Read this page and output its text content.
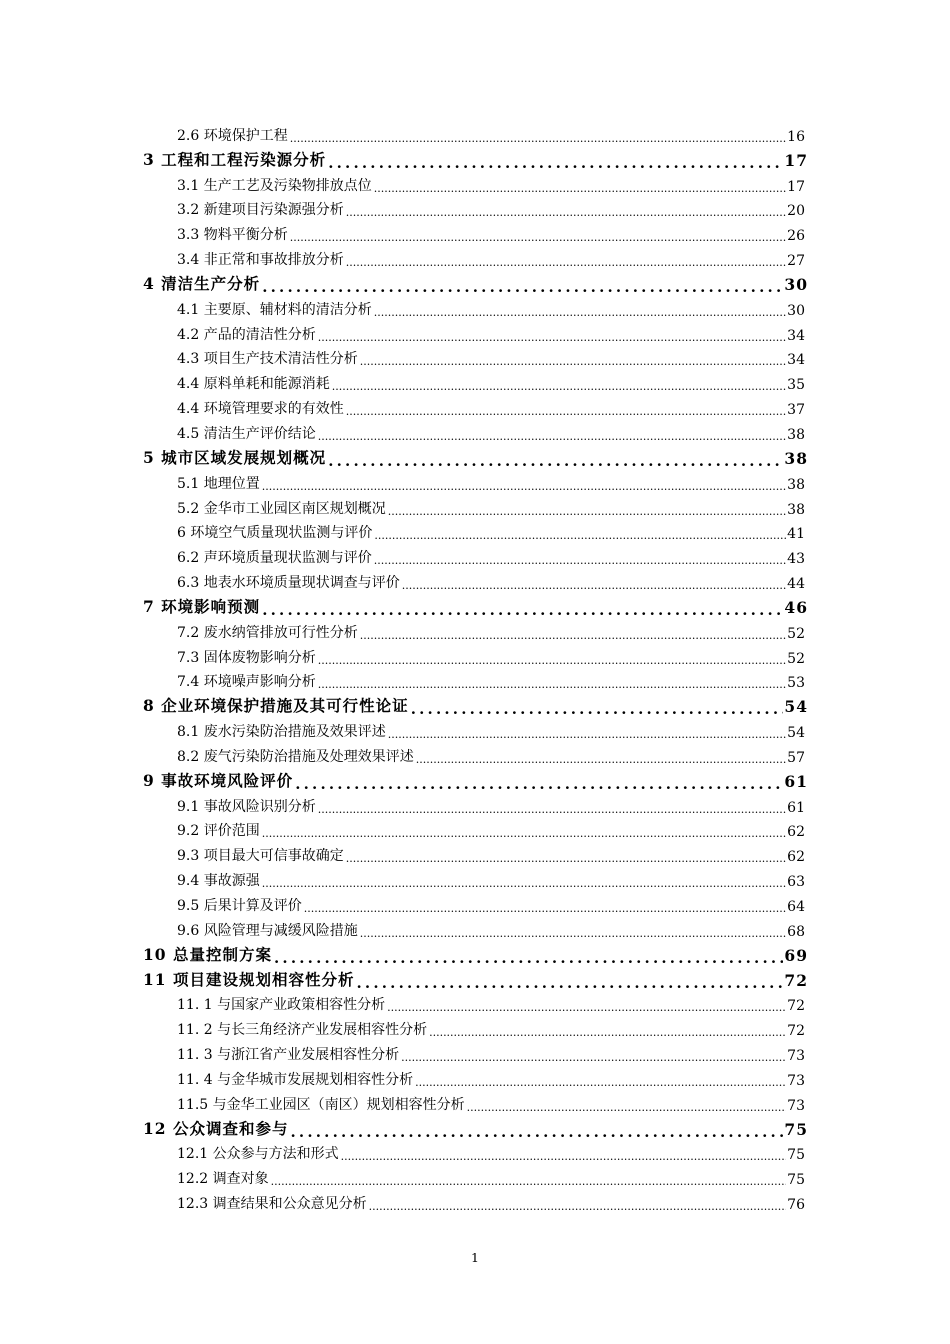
2.6 环境保护工程 .....	16
3 工程和工程污染源分析 .....	17
3.1 生产工艺及污染物排放点位 .....	17
3.2 新建项目污染源强分析 .....	20
3.3 物料平衡分析 .....	26
3.4 非正常和事故排放分析 .....	27
4 清洁生产分析 .....	30
4.1 主要原、辅材料的清洁分析 .....	30
4.2 产品的清洁性分析 .....	34
4.3 项目生产技术清洁性分析 .....	34
4.4 原料单耗和能源消耗 .....	35
4.4 环境管理要求的有效性 .....	37
4.5 清洁生产评价结论 .....	38
5 城市区域发展规划概况 .....	38
5.1 地理位置 .....	38
5.2 金华市工业园区南区规划概况 .....	38
6 环境空气质量现状监测与评价 .....	41
6.2 声环境质量现状监测与评价 .....	43
6.3 地表水环境质量现状调查与评价 .....	44
7 环境影响预测 .....	46
7.2 废水纳管排放可行性分析 .....	52
7.3 固体废物影响分析 .....	52
7.4 环境噪声影响分析 .....	53
8 企业环境保护措施及其可行性论证 .....	54
8.1 废水污染防治措施及效果评述 .....	54
8.2 废气污染防治措施及处理效果评述 .....	57
9 事故环境风险评价 .....	61
9.1 事故风险识别分析 .....	61
9.2 评价范围 .....	62
9.3 项目最大可信事故确定 .....	62
9.4 事故源强 .....	63
9.5 后果计算及评价 .....	64
9.6 风险管理与减缓风险措施 .....	68
10 总量控制方案 .....	69
11 项目建设规划相容性分析 .....	72
11. 1 与国家产业政策相容性分析 .....	72
11. 2 与长三角经济产业发展相容性分析 .....	72
11. 3 与浙江省产业发展相容性分析 .....	73
11. 4 与金华城市发展规划相容性分析 .....	73
11.5 与金华工业园区（南区）规划相容性分析 .....	73
12 公众调查和参与 .....	75
12.1 公众参与方法和形式 .....	75
12.2 调查对象 .....	75
12.3 调查结果和公众意见分析 .....	76
1
